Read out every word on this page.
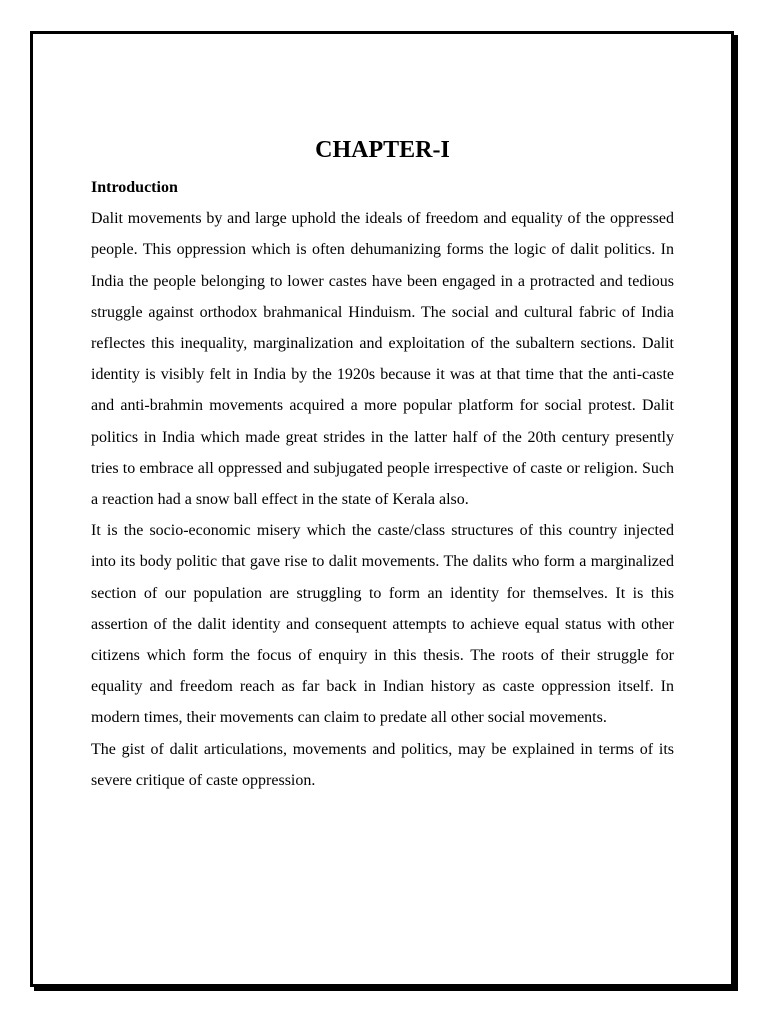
CHAPTER-I

Introduction

Dalit movements by and large uphold the ideals of freedom and equality of the oppressed people. This oppression which is often dehumanizing forms the logic of dalit politics. In India the people belonging to lower castes have been engaged in a protracted and tedious struggle against orthodox brahmanical Hinduism. The social and cultural fabric of India reflectes this inequality, marginalization and exploitation of the subaltern sections. Dalit identity is visibly felt in India by the 1920s because it was at that time that the anti-caste and anti-brahmin movements acquired a more popular platform for social protest. Dalit politics in India which made great strides in the latter half of the 20th century presently tries to embrace all oppressed and subjugated people irrespective of caste or religion. Such a reaction had a snow ball effect in the state of Kerala also.

It is the socio-economic misery which the caste/class structures of this country injected into its body politic that gave rise to dalit movements. The dalits who form a marginalized section of our population are struggling to form an identity for themselves. It is this assertion of the dalit identity and consequent attempts to achieve equal status with other citizens which form the focus of enquiry in this thesis. The roots of their struggle for equality and freedom reach as far back in Indian history as caste oppression itself. In modern times, their movements can claim to predate all other social movements.

The gist of dalit articulations, movements and politics, may be explained in terms of its severe critique of caste oppression.
